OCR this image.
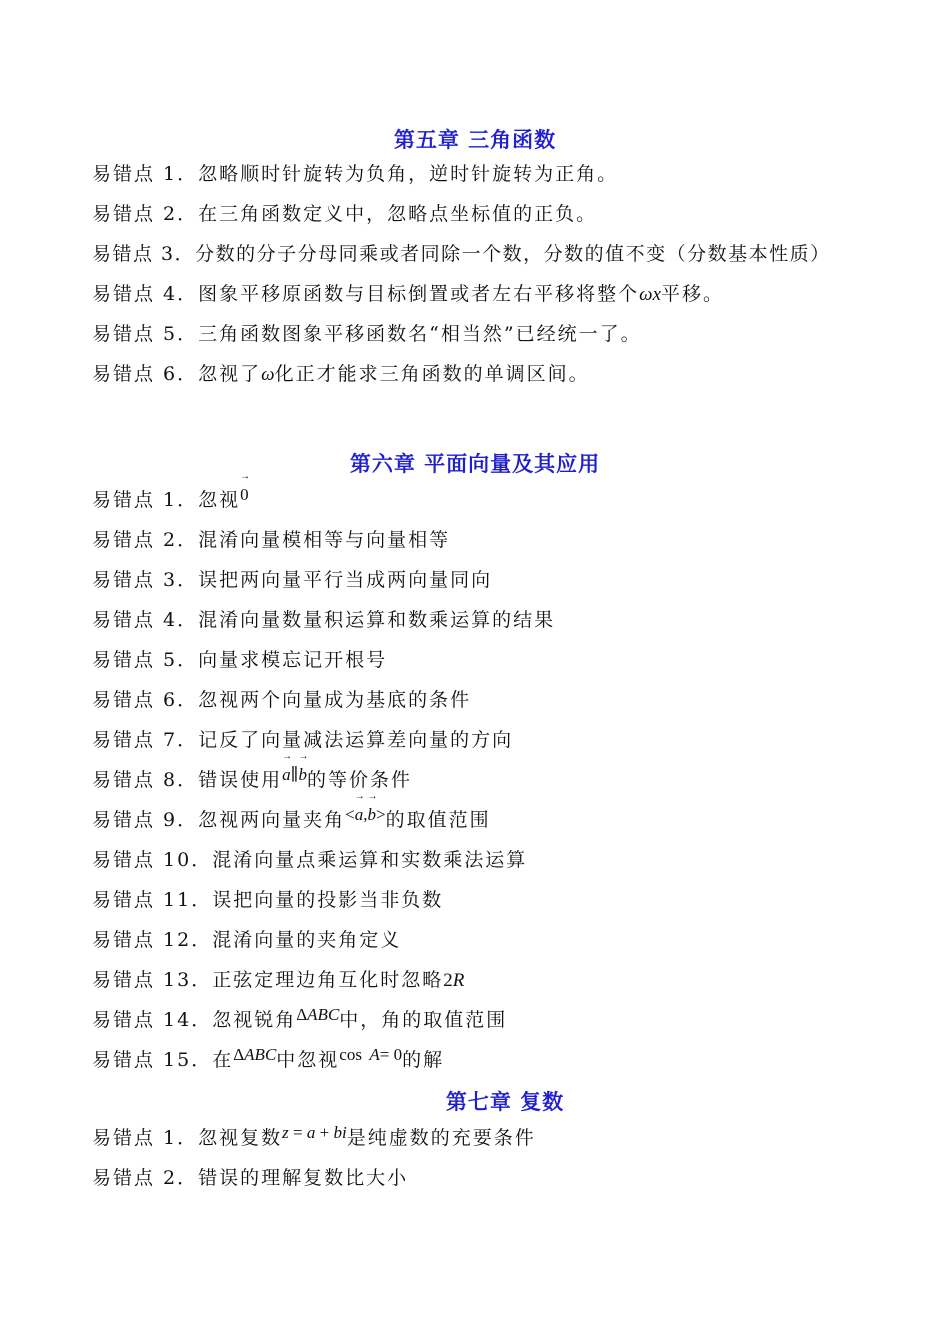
第五章 三角函数
易错点 1．忽略顺时针旋转为负角，逆时针旋转为正角。
易错点 2．在三角函数定义中，忽略点坐标值的正负。
易错点 3．分数的分子分母同乘或者同除一个数，分数的值不变（分数基本性质）
易错点 4．图象平移原函数与目标倒置或者左右平移将整个ωx平移。
易错点 5．三角函数图象平移函数名“相当然”已经统一了。
易错点 6．忽视了ω化正才能求三角函数的单调区间。
第六章 平面向量及其应用
易错点 1．忽视
→
0
易错点 2．混淆向量模相等与向量相等
易错点 3．误把两向量平行当成两向量同向
易错点 4．混淆向量数量积运算和数乘运算的结果
易错点 5．向量求模忘记开根号
易错点 6．忽视两个向量成为基底的条件
易错点 7．记反了向量减法运算差向量的方向
易错点 8．错误使用
→
a∥
→
b的等价条件
易错点 9．忽视两向量夹角<
→
a,
→
b>的取值范围
易错点 10．混淆向量点乘运算和实数乘法运算
易错点 11．误把向量的投影当非负数
易错点 12．混淆向量的夹角定义
易错点 13．正弦定理边角互化时忽略2R
易错点 14．忽视锐角ΔABC中，角的取值范围
易错点 15．在ΔABC中忽视cos A= 0的解
第七章 复数
易错点 1．忽视复数z = a + bi是纯虚数的充要条件
易错点 2．错误的理解复数比大小
